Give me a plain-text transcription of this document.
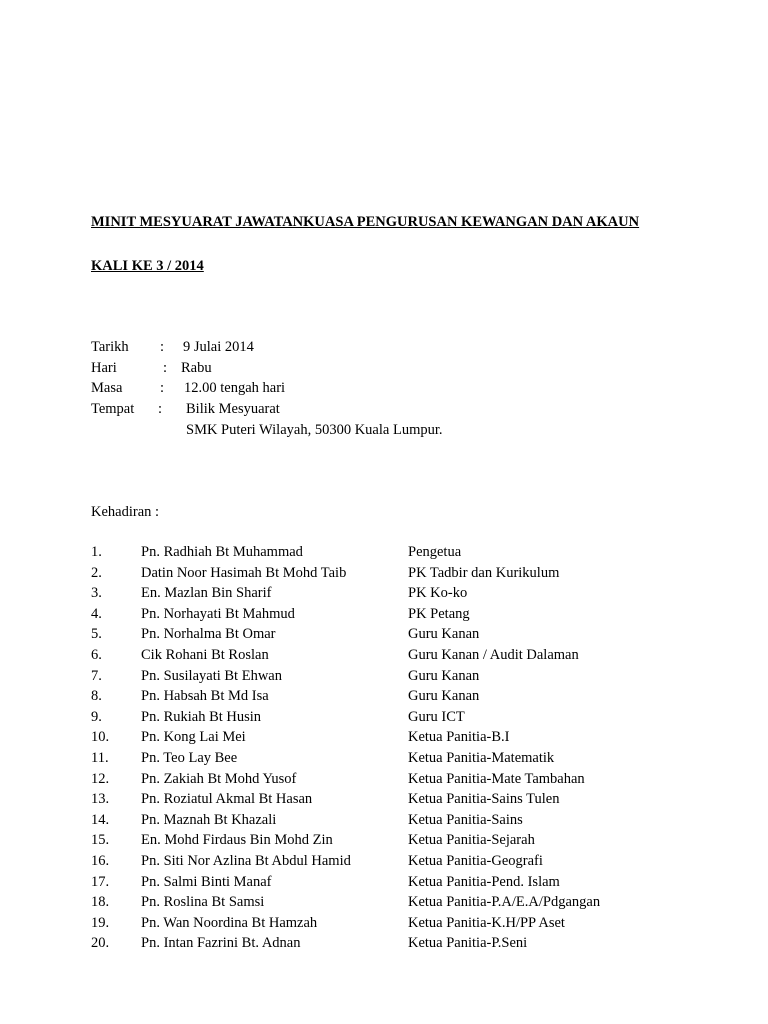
MINIT MESYUARAT JAWATANKUASA PENGURUSAN KEWANGAN DAN AKAUN
KALI KE 3 / 2014
Tarikh : 9 Julai 2014
Hari	: Rabu
Masa	: 12.00 tengah hari
Tempat : Bilik Mesyuarat
SMK Puteri Wilayah, 50300 Kuala Lumpur.
Kehadiran :
1.	Pn. Radhiah Bt Muhammad	Pengetua
2.	Datin Noor Hasimah Bt Mohd Taib	PK Tadbir dan Kurikulum
3.	En. Mazlan Bin Sharif	PK Ko-ko
4.	Pn. Norhayati Bt Mahmud	PK Petang
5.	Pn. Norhalma Bt Omar	Guru Kanan
6.	Cik Rohani Bt Roslan	Guru Kanan / Audit Dalaman
7.	Pn. Susilayati Bt Ehwan	Guru Kanan
8.	Pn. Habsah Bt Md Isa	Guru Kanan
9.	Pn. Rukiah Bt Husin	Guru ICT
10. Pn. Kong Lai Mei	Ketua Panitia-B.I
11. Pn. Teo Lay Bee	Ketua Panitia-Matematik
12. Pn. Zakiah Bt Mohd Yusof	Ketua Panitia-Mate Tambahan
13. Pn. Roziatul Akmal Bt Hasan	Ketua Panitia-Sains Tulen
14. Pn. Maznah Bt Khazali	Ketua Panitia-Sains
15. En. Mohd Firdaus Bin Mohd Zin	Ketua Panitia-Sejarah
16. Pn. Siti Nor Azlina Bt Abdul Hamid	Ketua Panitia-Geografi
17. Pn. Salmi Binti Manaf	Ketua Panitia-Pend. Islam
18. Pn. Roslina Bt Samsi	Ketua Panitia-P.A/E.A/Pdgangan
19. Pn. Wan Noordina Bt Hamzah	Ketua Panitia-K.H/PP Aset
20. Pn. Intan Fazrini Bt. Adnan	Ketua Panitia-P.Seni
